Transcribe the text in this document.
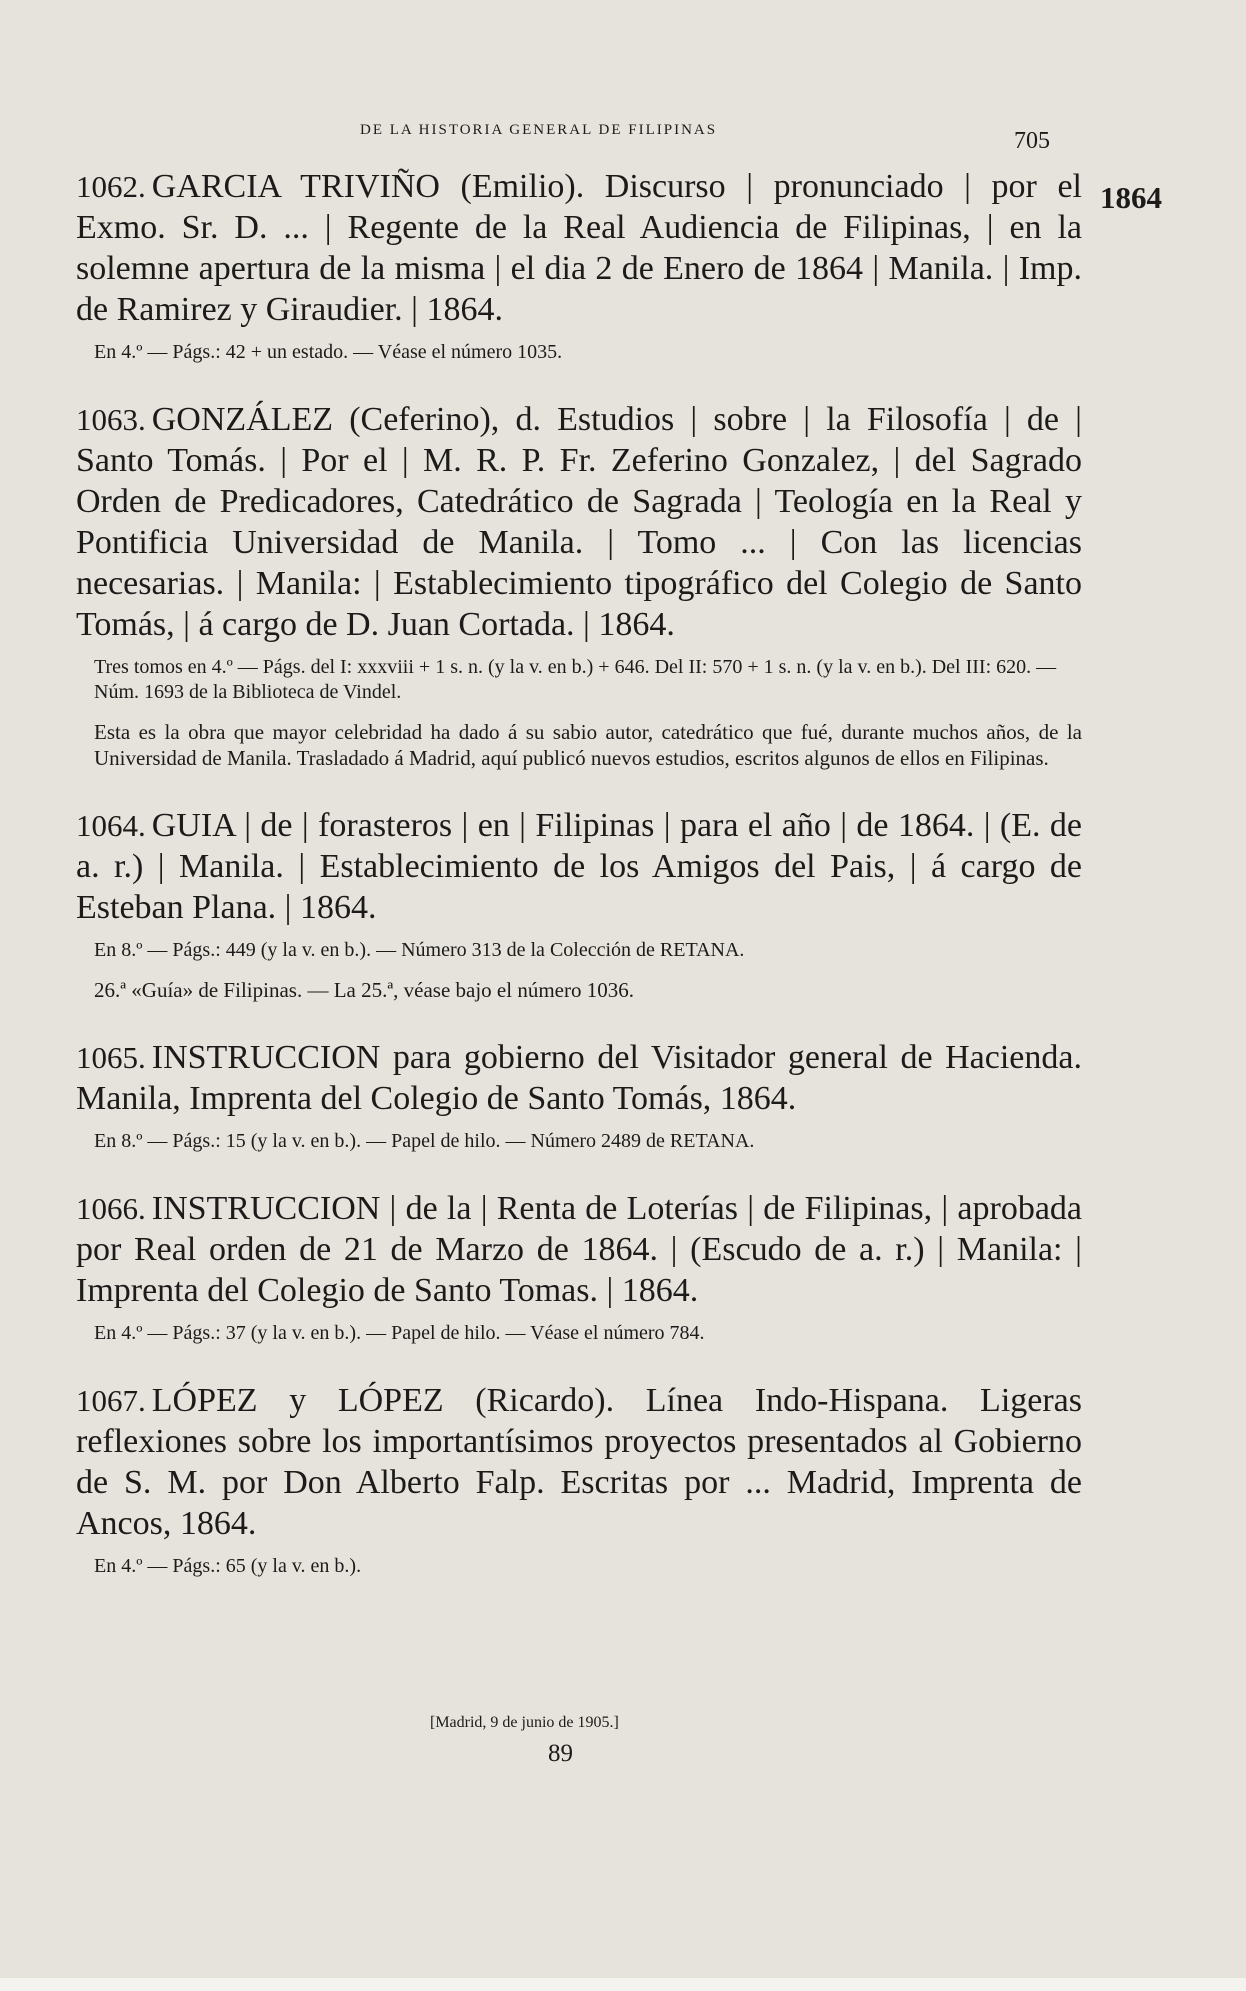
DE LA HISTORIA GENERAL DE FILIPINAS	705
1864

1062. GARCIA TRIVIÑO (Emilio). Discurso | pronunciado | por el Exmo. Sr. D. ... | Regente de la Real Audiencia de Filipinas, | en la solemne apertura de la misma | el dia 2 de Enero de 1864 | Manila. | Imp. de Ramirez y Giraudier. | 1864.

En 4.º — Págs.: 42 + un estado. — Véase el número 1035.

1063. GONZÁLEZ (Ceferino), d. Estudios | sobre | la Filosofía | de | Santo Tomás. | Por el | M. R. P. Fr. Zeferino Gonzalez, | del Sagrado Orden de Predicadores, Catedrático de Sagrada | Teología en la Real y Pontificia Universidad de Manila. | Tomo ... | Con las licencias necesarias. | Manila: | Establecimiento tipográfico del Colegio de Santo Tomás, | á cargo de D. Juan Cortada. | 1864.

Tres tomos en 4.º — Págs. del I: xxxviii + 1 s. n. (y la v. en b.) + 646. Del II: 570 + 1 s. n. (y la v. en b.). Del III: 620. — Núm. 1693 de la Biblioteca de Vindel.

Esta es la obra que mayor celebridad ha dado á su sabio autor, catedrático que fué, durante muchos años, de la Universidad de Manila. Trasladado á Madrid, aquí publicó nuevos estudios, escritos algunos de ellos en Filipinas.

1064. GUIA | de | forasteros | en | Filipinas | para el año | de 1864. | (E. de a. r.) | Manila. | Establecimiento de los Amigos del Pais, | á cargo de Esteban Plana. | 1864.

En 8.º — Págs.: 449 (y la v. en b.). — Número 313 de la Colección de RETANA.

26.ª «Guía» de Filipinas. — La 25.ª, véase bajo el número 1036.

1065. INSTRUCCION para gobierno del Visitador general de Hacienda. Manila, Imprenta del Colegio de Santo Tomás, 1864.

En 8.º — Págs.: 15 (y la v. en b.). — Papel de hilo. — Número 2489 de RETANA.

1066. INSTRUCCION | de la | Renta de Loterías | de Filipinas, | aprobada por Real orden de 21 de Marzo de 1864. | (Escudo de a. r.) | Manila: | Imprenta del Colegio de Santo Tomas. | 1864.

En 4.º — Págs.: 37 (y la v. en b.). — Papel de hilo. — Véase el número 784.

1067. LÓPEZ y LÓPEZ (Ricardo). Línea Indo-Hispana. Ligeras reflexiones sobre los importantísimos proyectos presentados al Gobierno de S. M. por Don Alberto Falp. Escritas por ... Madrid, Imprenta de Ancos, 1864.

En 4.º — Págs.: 65 (y la v. en b.).

[Madrid, 9 de junio de 1905.]
89
